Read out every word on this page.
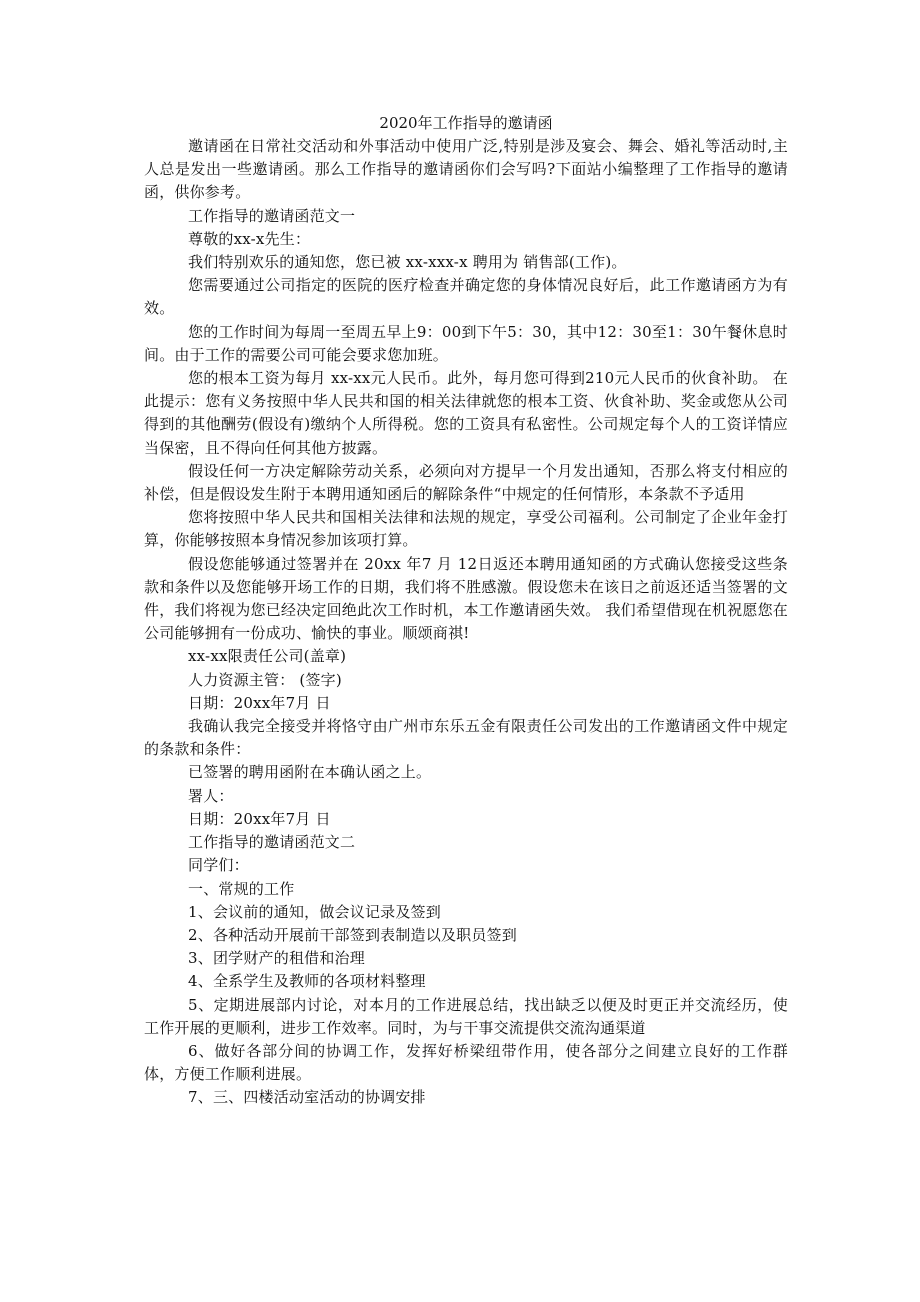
2020年工作指导的邀请函

邀请函在日常社交活动和外事活动中使用广泛,特别是涉及宴会、舞会、婚礼等活动时,主人总是发出一些邀请函。那么工作指导的邀请函你们会写吗?下面站小编整理了工作指导的邀请函，供你参考。

工作指导的邀请函范文一

尊敬的xx-x先生：

我们特别欢乐的通知您，您已被 xx-xxx-x 聘用为 销售部(工作)。

您需要通过公司指定的医院的医疗检查并确定您的身体情况良好后，此工作邀请函方为有效。

您的工作时间为每周一至周五早上9：00到下午5：30，其中12：30至1：30午餐休息时间。由于工作的需要公司可能会要求您加班。

您的根本工资为每月 xx-xx元人民币。此外，每月您可得到210元人民币的伙食补助。 在此提示：您有义务按照中华人民共和国的相关法律就您的根本工资、伙食补助、奖金或您从公司得到的其他酬劳(假设有)缴纳个人所得税。您的工资具有私密性。公司规定每个人的工资详情应当保密，且不得向任何其他方披露。

假设任何一方决定解除劳动关系，必须向对方提早一个月发出通知，否那么将支付相应的补偿，但是假设发生附于本聘用通知函后的解除条件“中规定的任何情形，本条款不予适用

您将按照中华人民共和国相关法律和法规的规定，享受公司福利。公司制定了企业年金打算，你能够按照本身情况参加该项打算。

假设您能够通过签署并在 20xx 年7 月 12日返还本聘用通知函的方式确认您接受这些条款和条件以及您能够开场工作的日期，我们将不胜感激。假设您未在该日之前返还适当签署的文件，我们将视为您已经决定回绝此次工作时机，本工作邀请函失效。 我们希望借现在机祝愿您在公司能够拥有一份成功、愉快的事业。顺颂商祺!

xx-xx限责任公司(盖章)

人力资源主管： (签字)

日期：20xx年7月 日

我确认我完全接受并将恪守由广州市东乐五金有限责任公司发出的工作邀请函文件中规定的条款和条件：

已签署的聘用函附在本确认函之上。

署人：

日期：20xx年7月 日

工作指导的邀请函范文二

同学们：

一、常规的工作

1、会议前的通知，做会议记录及签到

2、各种活动开展前干部签到表制造以及职员签到

3、团学财产的租借和治理

4、全系学生及教师的各项材料整理

5、定期进展部内讨论，对本月的工作进展总结，找出缺乏以便及时更正并交流经历，使工作开展的更顺利，进步工作效率。同时，为与干事交流提供交流沟通渠道

6、做好各部分间的协调工作，发挥好桥梁纽带作用，使各部分之间建立良好的工作群体，方便工作顺利进展。

7、三、四楼活动室活动的协调安排
